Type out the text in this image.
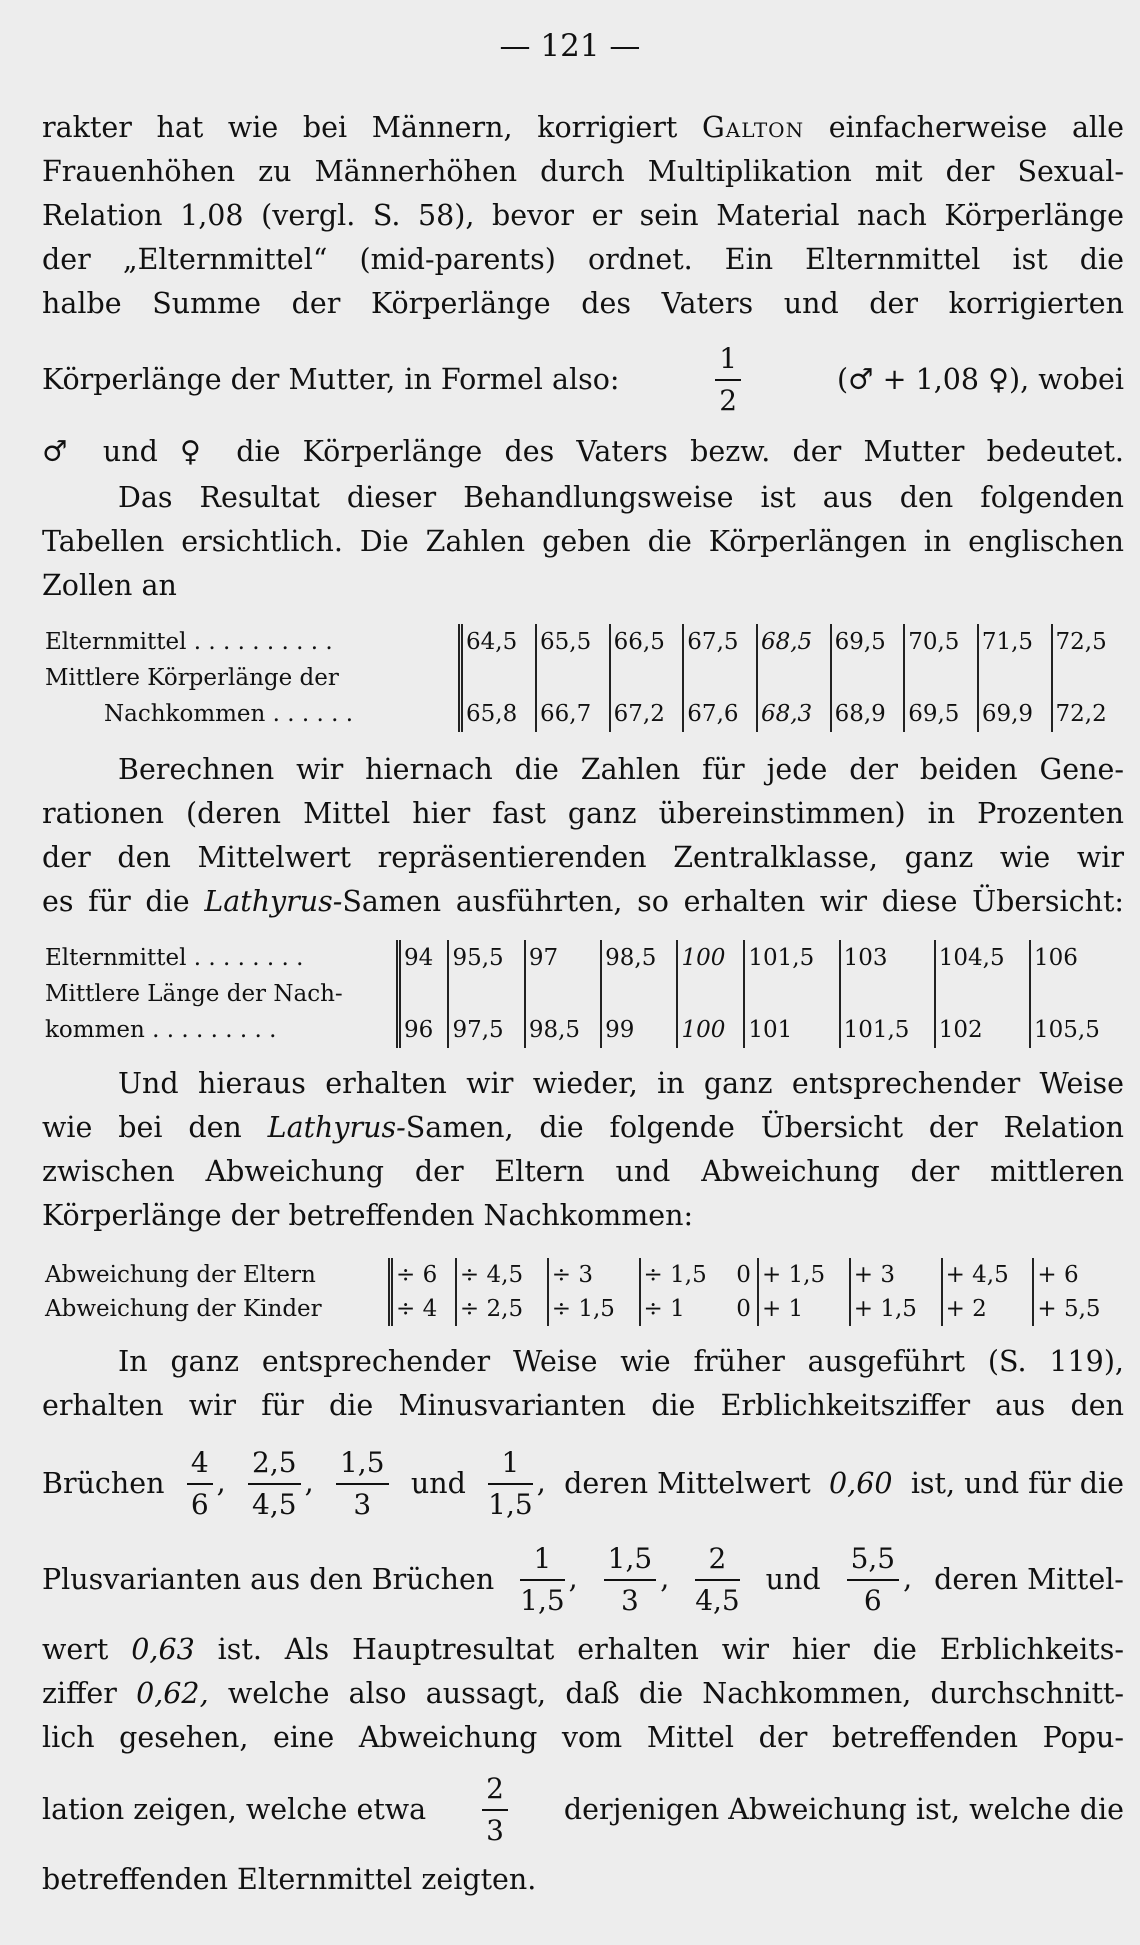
— 121 —
rakter hat wie bei Männern, korrigiert Galton einfacherweise alle
Frauenhöhen zu Männerhöhen durch Multiplikation mit der Sexual-
Relation 1,08 (vergl. S. 58), bevor er sein Material nach Körperlänge
der „Elternmittel“ (mid-parents) ordnet. Ein Elternmittel ist die
halbe Summe der Körperlänge des Vaters und der korrigierten
Körperlänge der Mutter, in Formel also:	$\frac{1}{2}$	(♂ + 1,08 ♀), wobei
♂ und ♀ die Körperlänge des Vaters bezw. der Mutter bedeutet.
Das Resultat dieser Behandlungsweise ist aus den folgenden
Tabellen ersichtlich. Die Zahlen geben die Körperlängen in englischen
Zollen an
Elternmittel . . . . . . . . . .	64,5	65,5	66,5	67,5	68,5	69,5	70,5	71,5	72,5
Mittlere Körperlänge der									
Nachkommen . . . . . .	65,8	66,7	67,2	67,6	68,3	68,9	69,5	69,9	72,2
Berechnen wir hiernach die Zahlen für jede der beiden Gene-
rationen (deren Mittel hier fast ganz übereinstimmen) in Prozenten
der den Mittelwert repräsentierenden Zentralklasse, ganz wie wir
es für die Lathyrus-Samen ausführten, so erhalten wir diese Übersicht:
Elternmittel . . . . . . . .	94	95,5	97	98,5	100	101,5	103	104,5	106
Mittlere Länge der Nach-									
kommen . . . . . . . . .	96	97,5	98,5	99	100	101	101,5	102	105,5
Und hieraus erhalten wir wieder, in ganz entsprechender Weise
wie bei den Lathyrus-Samen, die folgende Übersicht der Relation
zwischen Abweichung der Eltern und Abweichung der mittleren
Körperlänge der betreffenden Nachkommen:
Abweichung der Eltern	÷ 6	÷ 4,5	÷ 3	÷ 1,5	0	+ 1,5	+ 3	+ 4,5	+ 6
Abweichung der Kinder	÷ 4	÷ 2,5	÷ 1,5	÷ 1	0	+ 1	+ 1,5	+ 2	+ 5,5
In ganz entsprechender Weise wie früher ausgeführt (S. 119),
erhalten wir für die Minusvarianten die Erblichkeitsziffer aus den
Brüchen $\frac{4}{6}$ , $\frac{2,5}{4,5}$ , $\frac{1,5}{3}$ und $\frac{1}{1,5}$ , deren Mittelwert 0,60 ist, und für die
Plusvarianten aus den Brüchen $\frac{1}{1,5}$ , $\frac{1,5}{3}$ , $\frac{2}{4,5}$ und $\frac{5,5}{6}$ , deren Mittel-
wert 0,63 ist. Als Hauptresultat erhalten wir hier die Erblichkeits-
ziffer 0,62, welche also aussagt, daß die Nachkommen, durchschnitt-
lich gesehen, eine Abweichung vom Mittel der betreffenden Popu-
lation zeigen, welche etwa $\frac{2}{3}$ derjenigen Abweichung ist, welche die
betreffenden Elternmittel zeigten.
